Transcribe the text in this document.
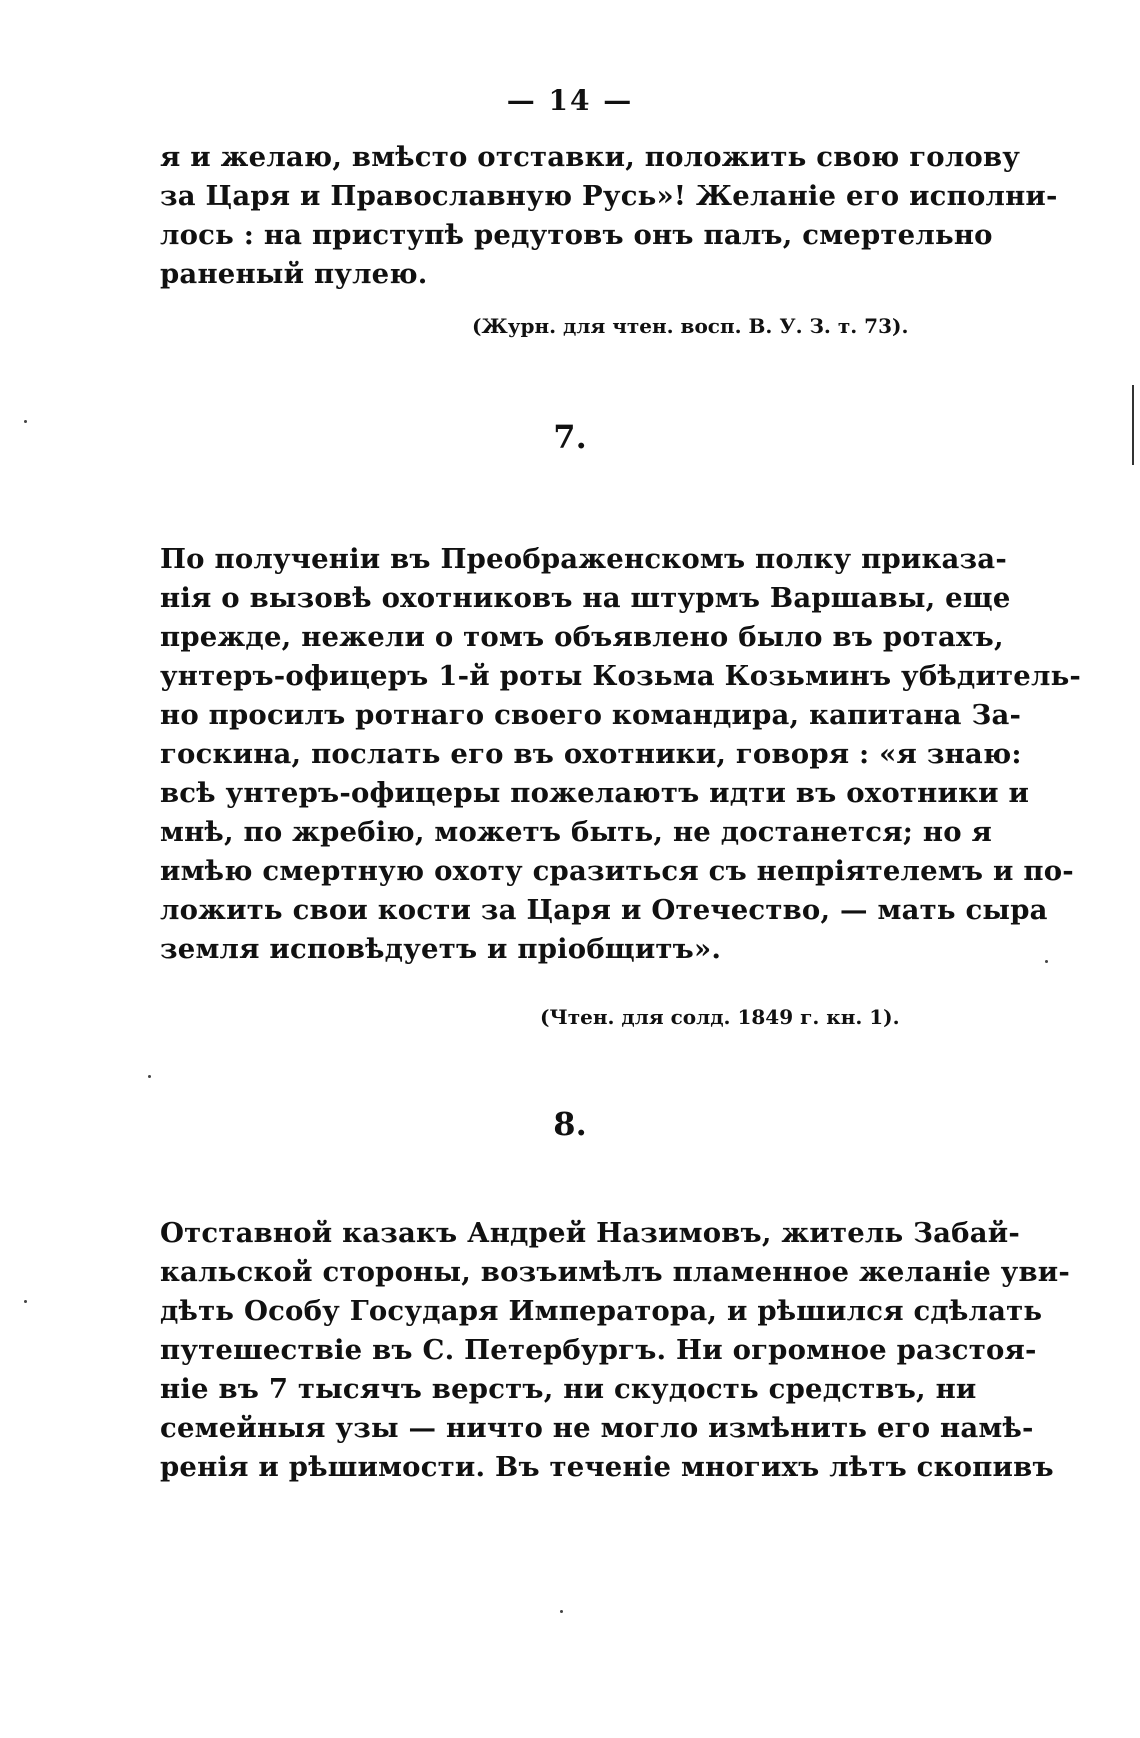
— 14 —
я и желаю, вмѣсто отставки, положить свою голову
за Царя и Православную Русь»! Желаніе его исполни-
лось : на приступѣ редутовъ онъ палъ, смертельно
раненый пулею.
(Журн. для чтен. восп. В. У. З. т. 73).
7.
По полученіи въ Преображенскомъ полку приказа-
нія о вызовѣ охотниковъ на штурмъ Варшавы, еще
прежде, нежели о томъ объявлено было въ ротахъ,
унтеръ-офицеръ 1-й роты Козьма Козьминъ убѣдитель-
но просилъ ротнаго своего командира, капитана За-
госкина, послать его въ охотники, говоря : «я знаю:
всѣ унтеръ-офицеры пожелаютъ идти въ охотники и
мнѣ, по жребію, можетъ быть, не достанется; но я
имѣю смертную охоту сразиться съ непріятелемъ и по-
ложить свои кости за Царя и Отечество, — мать сыра
земля исповѣдуетъ и пріобщитъ».
(Чтен. для солд. 1849 г. кн. 1).
8.
Отставной казакъ Андрей Назимовъ, житель Забай-
кальской стороны, возъимѣлъ пламенное желаніе уви-
дѣть Особу Государя Императора, и рѣшился сдѣлать
путешествіе въ С. Петербургъ. Ни огромное разстоя-
ніе въ 7 тысячъ верстъ, ни скудость средствъ, ни
семейныя узы — ничто не могло измѣнить его намѣ-
ренія и рѣшимости. Въ теченіе многихъ лѣтъ скопивъ
